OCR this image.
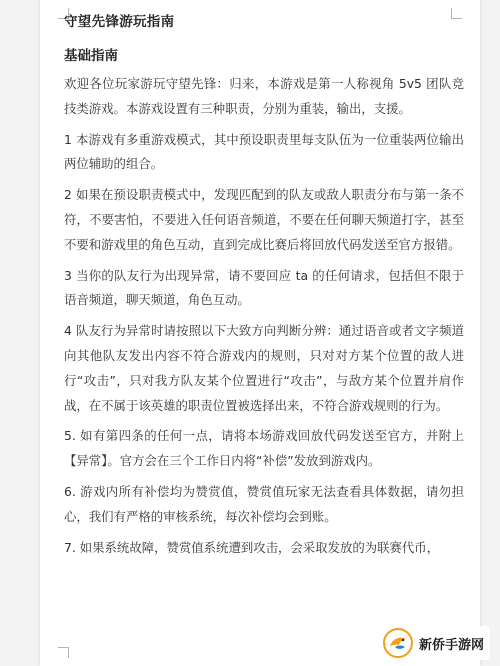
守望先锋游玩指南
基础指南

欢迎各位玩家游玩守望先锋：归来，本游戏是第一人称视角 5v5 团队竞技类游戏。本游戏设置有三种职责，分别为重装，输出，支援。

1 本游戏有多重游戏模式，其中预设职责里每支队伍为一位重装两位输出两位辅助的组合。

2 如果在预设职责模式中，发现匹配到的队友或敌人职责分布与第一条不符，不要害怕，不要进入任何语音频道，不要在任何聊天频道打字，甚至不要和游戏里的角色互动，直到完成比赛后将回放代码发送至官方报错。

3 当你的队友行为出现异常，请不要回应 ta 的任何请求，包括但不限于语音频道，聊天频道，角色互动。

4 队友行为异常时请按照以下大致方向判断分辨：通过语音或者文字频道向其他队友发出内容不符合游戏内的规则，只对对方某个位置的敌人进行“攻击”，只对我方队友某个位置进行“攻击”，与敌方某个位置并肩作战，在不属于该英雄的职责位置被选择出来，不符合游戏规则的行为。

5. 如有第四条的任何一点，请将本场游戏回放代码发送至官方，并附上【异常】。官方会在三个工作日内将“补偿”发放到游戏内。

6. 游戏内所有补偿均为赞赏值，赞赏值玩家无法查看具体数据，请勿担心，我们有严格的审核系统，每次补偿均会到账。

7. 如果系统故障，赞赏值系统遭到攻击，会采取发放的为联赛代币，

新侨手游网
